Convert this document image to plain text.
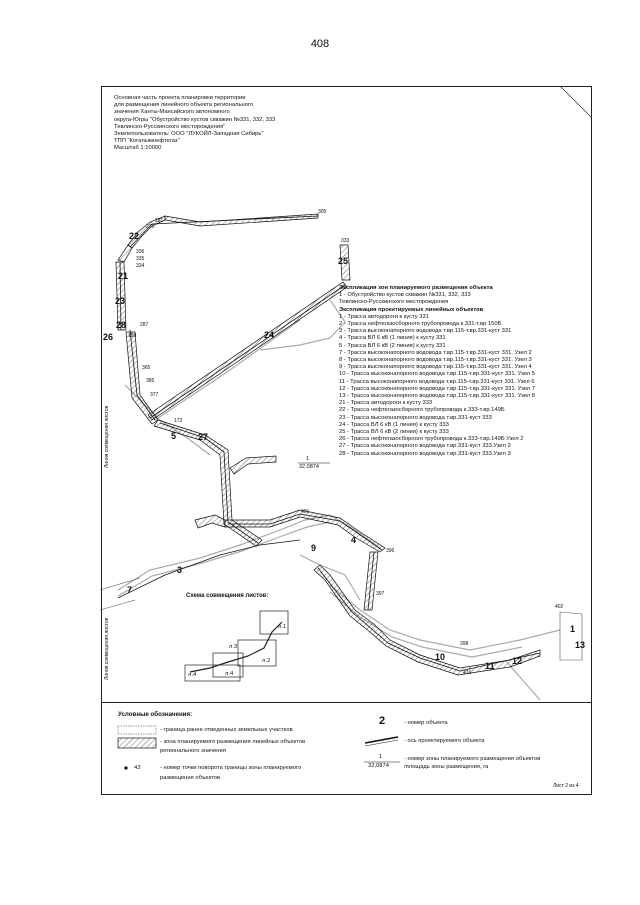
408
Основная часть проекта планировки территории
для размещения линейного объекта регионального
значения Ханты-Мансийского автономного
округа-Югры "Обустройство кустов скважин №331, 332, 333
Тевлинско-Русскинского месторождения"
Землепользователь: ООО "ЛУКОЙЛ-Западная Сибирь"
ТПП "Когалымнефтегаз"
Масштаб 1:10000
Экспликация зон планируемого размещения объекта
1 - Обустройство кустов скважин №331, 332, 333
Тевлинско-Русскинского месторождения
Экспликация проектируемых линейных объектов
1 - Трасса автодороги к кусту 331
2 - Трасса нефтегазосборного трубопровода к.331-т.вр 150Б
3 - Трасса высоконапорного водовода т.вр.115-т.вр.331-куст 331
4 - Трасса ВЛ 6 кВ (1 линия) к кусту 331
5 - Трасса ВЛ 6 кВ (2 линия) к кусту 331
7 - Трасса высоконапорного водовода т.вр.115-т.вр.331-куст 331. Узел 2
8 - Трасса высоконапорного водовода т.вр.115-т.вр.331-куст 331. Узел 3
9 - Трасса высоконапорного водовода т.вр.115-т.вр.331-куст 331. Узел 4
10 - Трасса высоконапорного водовода т.вр.115-т.вр.331-куст 331. Узел 5
11 - Трасса высоконапорного водовода т.вр.115-т.вр.331-куст 331. Узел 6
12 - Трасса высоконапорного водовода т.вр.115-т.вр.331-куст 331. Узел 7
13 - Трасса высоконапорного водовода т.вр.115-т.вр.331-куст 331. Узел 8
21 - Трасса автодороги к кусту 333
22 - Трасса нефтегазосборного трубопровода к.333-т.вр.149Б
23 - Трасса высоконапорного водовода т.вр.331-куст 333
24 - Трасса ВЛ 6 кВ (1 линия) к кусту 333
25 - Трасса ВЛ 6 кВ (2 линия) к кусту 333
26 - Трасса нефтегазосборного трубопровода к.333-т.вр.149Б Узел 2
27 - Трасса высоконапорного водовода т.вр.331-куст 333.Узел 2
28 - Трасса высоконапорного водовода т.вр.331-куст 333.Узел 3
22
21
23
28
26	24
25
5 27
4
9
3
7
1
10
11 12
13
305
281
276
333
336
335
334
287
180
365
385
377
172
401
396
397
398
402
416
1
32,0874
Линия совмещения листов
Линия совмещения листов
Схема совмещения листов:
л.1
л.2
л.3
л.4
л.4
Условные обозначения:
- граница ранее отведенных земельных участков
- зона планируемого размещения линейных объектов
регионального значения
43	- номер точки поворота границы зоны планируемого
размещения объектов
2	- номер объекта
- ось проектируемого объекта
1
32,0874
- номер зоны планируемого размещения объектов
/площадь зоны размещения, га
Лист 2 из 4
